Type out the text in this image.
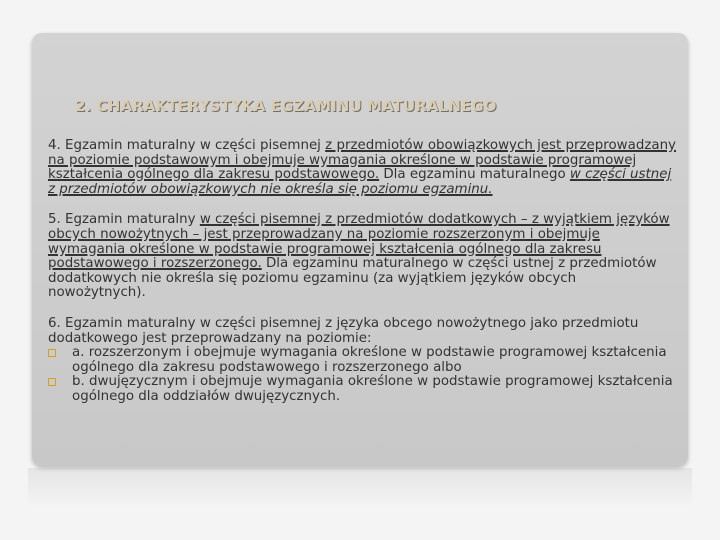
2. CHARAKTERYSTYKA EGZAMINU MATURALNEGO

4. Egzamin maturalny w części pisemnej z przedmiotów obowiązkowych jest przeprowadzany na poziomie podstawowym i obejmuje wymagania określone w podstawie programowej kształcenia ogólnego dla zakresu podstawowego. Dla egzaminu maturalnego w części ustnej z przedmiotów obowiązkowych nie określa się poziomu egzaminu.

5. Egzamin maturalny w części pisemnej z przedmiotów dodatkowych – z wyjątkiem języków obcych nowożytnych – jest przeprowadzany na poziomie rozszerzonym i obejmuje wymagania określone w podstawie programowej kształcenia ogólnego dla zakresu podstawowego i rozszerzonego. Dla egzaminu maturalnego w części ustnej z przedmiotów dodatkowych nie określa się poziomu egzaminu (za wyjątkiem języków obcych nowożytnych).

6. Egzamin maturalny w części pisemnej z języka obcego nowożytnego jako przedmiotu dodatkowego jest przeprowadzany na poziomie:

a. rozszerzonym i obejmuje wymagania określone w podstawie programowej kształcenia ogólnego dla zakresu podstawowego i rozszerzonego albo

b. dwujęzycznym i obejmuje wymagania określone w podstawie programowej kształcenia ogólnego dla oddziałów dwujęzycznych.
